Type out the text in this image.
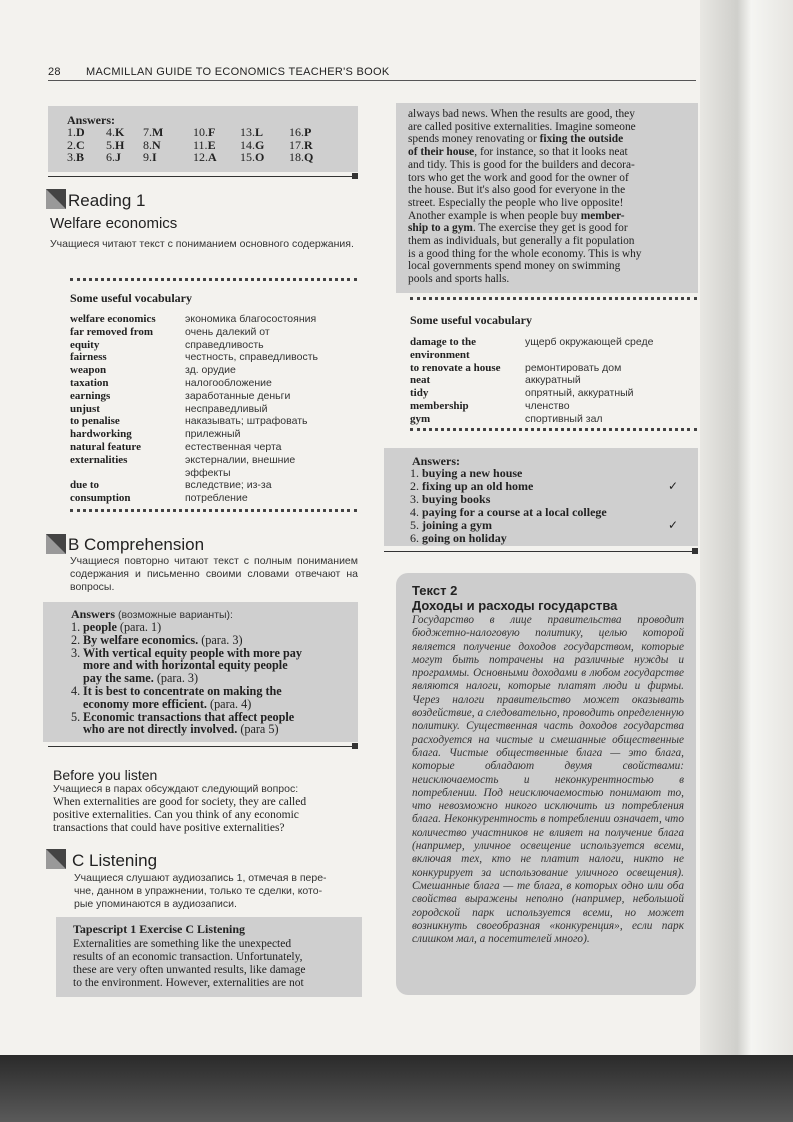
28 MACMILLAN GUIDE TO ECONOMICS TEACHER'S BOOK
Answers:
1.D 4.K 7.M 10.F 13.L 16.P
2.C 5.H 8.N	11.E 14.G 17.R
3.B 6.J 9.I	12.A 15.O 18.Q
Reading 1
Welfare economics
Учащиеся читают текст с пониманием основного содержания.
Some useful vocabulary
welfare economics	экономика благосостояния
far removed from	очень далекий от
equity	справедливость
fairness	честность, справедливость
weapon	зд. орудие
taxation	налогообложение
earnings	заработанные деньги
unjust	несправедливый
to penalise	наказывать; штрафовать
hardworking	прилежный
natural feature	естественная черта
externalities	экстерналии, внешние
эффекты
due to	вследствие; из-за
consumption	потребление
B Comprehension
Учащиеся повторно читают текст с полным пониманием содержания и письменно своими словами отвечают на вопросы.
Answers (возможные варианты):
1. people (para. 1)
2. By welfare economics. (para. 3)
3. With vertical equity people with more pay
more and with horizontal equity people
pay the same. (para. 3)
4. It is best to concentrate on making the
economy more efficient. (para. 4)
5. Economic transactions that affect people
who are not directly involved. (para 5)
Before you listen
Учащиеся в парах обсуждают следующий вопрос:
When externalities are good for society, they are called
positive externalities. Can you think of any economic
transactions that could have positive externalities?
C Listening
Учащиеся слушают аудиозапись 1, отмечая в пере-
чне, данном в упражнении, только те сделки, кото-
рые упоминаются в аудиозаписи.
Tapescript 1 Exercise C Listening
Externalities are something like the unexpected
results of an economic transaction. Unfortunately,
these are very often unwanted results, like damage
to the environment. However, externalities are not
always bad news. When the results are good, they
are called positive externalities. Imagine someone
spends money renovating or fixing the outside
of their house, for instance, so that it looks neat
and tidy. This is good for the builders and decora-
tors who get the work and good for the owner of
the house. But it's also good for everyone in the
street. Especially the people who live opposite!
Another example is when people buy member-
ship to a gym. The exercise they get is good for
them as individuals, but generally a fit population
is a good thing for the whole economy. This is why
local governments spend money on swimming
pools and sports halls.
Some useful vocabulary
damage to the	ущерб окружающей среде
environment
to renovate a house	ремонтировать дом
neat	аккуратный
tidy	опрятный, аккуратный
membership	членство
gym	спортивный зал
Answers:
1. buying a new house
2. fixing up an old home	✓
3. buying books
4. paying for a course at a local college
5. joining a gym	✓
6. going on holiday
Текст 2
Доходы и расходы государства
Государство в лице правительства проводит бюджетно-налоговую политику, целью которой является получение доходов государством, которые могут быть потрачены на различные нужды и программы. Основными доходами в любом государстве являются налоги, которые платят люди и фирмы. Через налоги правительство может оказывать воздействие, а следовательно, проводить определенную политику. Существенная часть доходов государства расходуется на чистые и смешанные общественные блага. Чистые общественные блага — это блага, которые обладают двумя свойствами: неисключаемость и неконкурентностью в потреблении. Под неисключаемостью понимают то, что невозможно никого исключить из потребления блага. Неконкурентность в потреблении означает, что количество участников не влияет на получение блага (например, уличное освещение используется всеми, включая тех, кто не платит налоги, никто не конкурирует за использование уличного освещения). Смешанные блага — те блага, в которых одно или оба свойства выражены неполно (например, небольшой городской парк используется всеми, но может возникнуть своеобразная «конкуренция», если парк слишком мал, а посетителей много).
